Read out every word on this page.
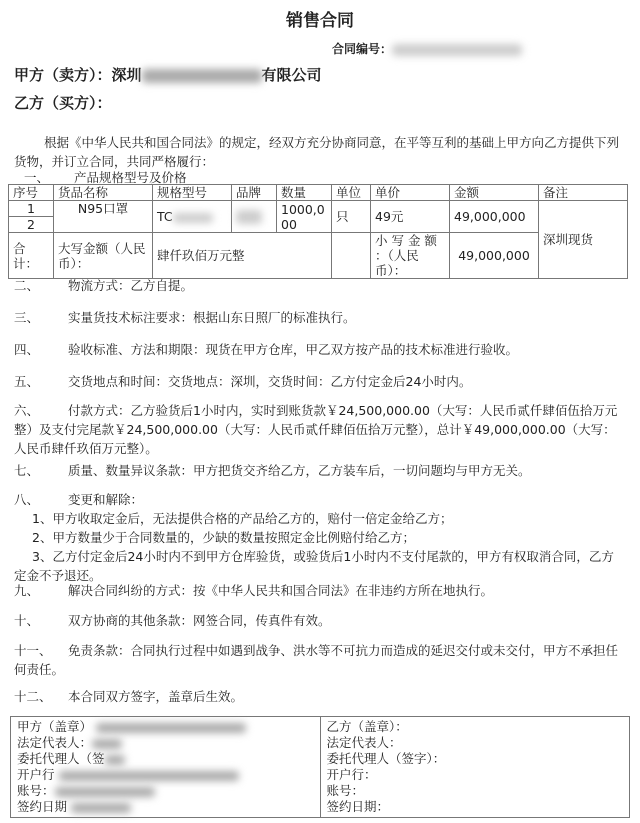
销售合同
合同编号：
甲方（卖方）：深圳	有限公司
乙方（买方）：
根据《中华人民共和国合同法》的规定，经双方充分协商同意，在平等互利的基础上甲方向乙方提供下列货物，并订立合同，共同严格履行：
一、 产品规格型号及价格
序号	货品名称	规格型号	品牌	数量	单位	单价	金额	备注
1	N95口罩	TC		1000,000	只	49元	49,000,000	深圳现货
2								
合计：	大写金额（人民币）：	肆仟玖佰万元整				小 写 金 额 ：（人民币）：	49,000,000	
二、 物流方式：乙方自提。
三、 实量货技术标注要求：根据山东日照厂的标准执行。
四、 验收标准、方法和期限：现货在甲方仓库，甲乙双方按产品的技术标准进行验收。
五、 交货地点和时间：交货地点：深圳，交货时间：乙方付定金后24小时内。
六、 付款方式：乙方验货后1小时内，实时到账货款￥24,500,000.00（大写：人民币贰仟肆佰伍拾万元整）及支付完尾款￥24,500,000.00（大写：人民币贰仟肆佰伍拾万元整），总计￥49,000,000.00（大写：人民币肆仟玖佰万元整）。
七、 质量、数量异议条款：甲方把货交齐给乙方，乙方装车后，一切问题均与甲方无关。
八、 变更和解除：

1、甲方收取定金后，无法提供合格的产品给乙方的，赔付一倍定金给乙方；

2、甲方数量少于合同数量的，少缺的数量按照定金比例赔付给乙方；

3、乙方付定金后24小时内不到甲方仓库验货，或验货后1小时内不支付尾款的，甲方有权取消合同，乙方定金不予退还。

九、 解决合同纠纷的方式：按《中华人民共和国合同法》在非违约方所在地执行。
十、 双方协商的其他条款：网签合同，传真件有效。
十一、 免责条款：合同执行过程中如遇到战争、洪水等不可抗力而造成的延迟交付或未交付，甲方不承担任何责任。
十二、 本合同双方签字，盖章后生效。
甲方（盖章）
法定代表人：
委托代理人（签
开户行
账号：
签约日期

乙方（盖章）：
法定代表人：
委托代理人（签字）：
开户行：
账号：
签约日期：
